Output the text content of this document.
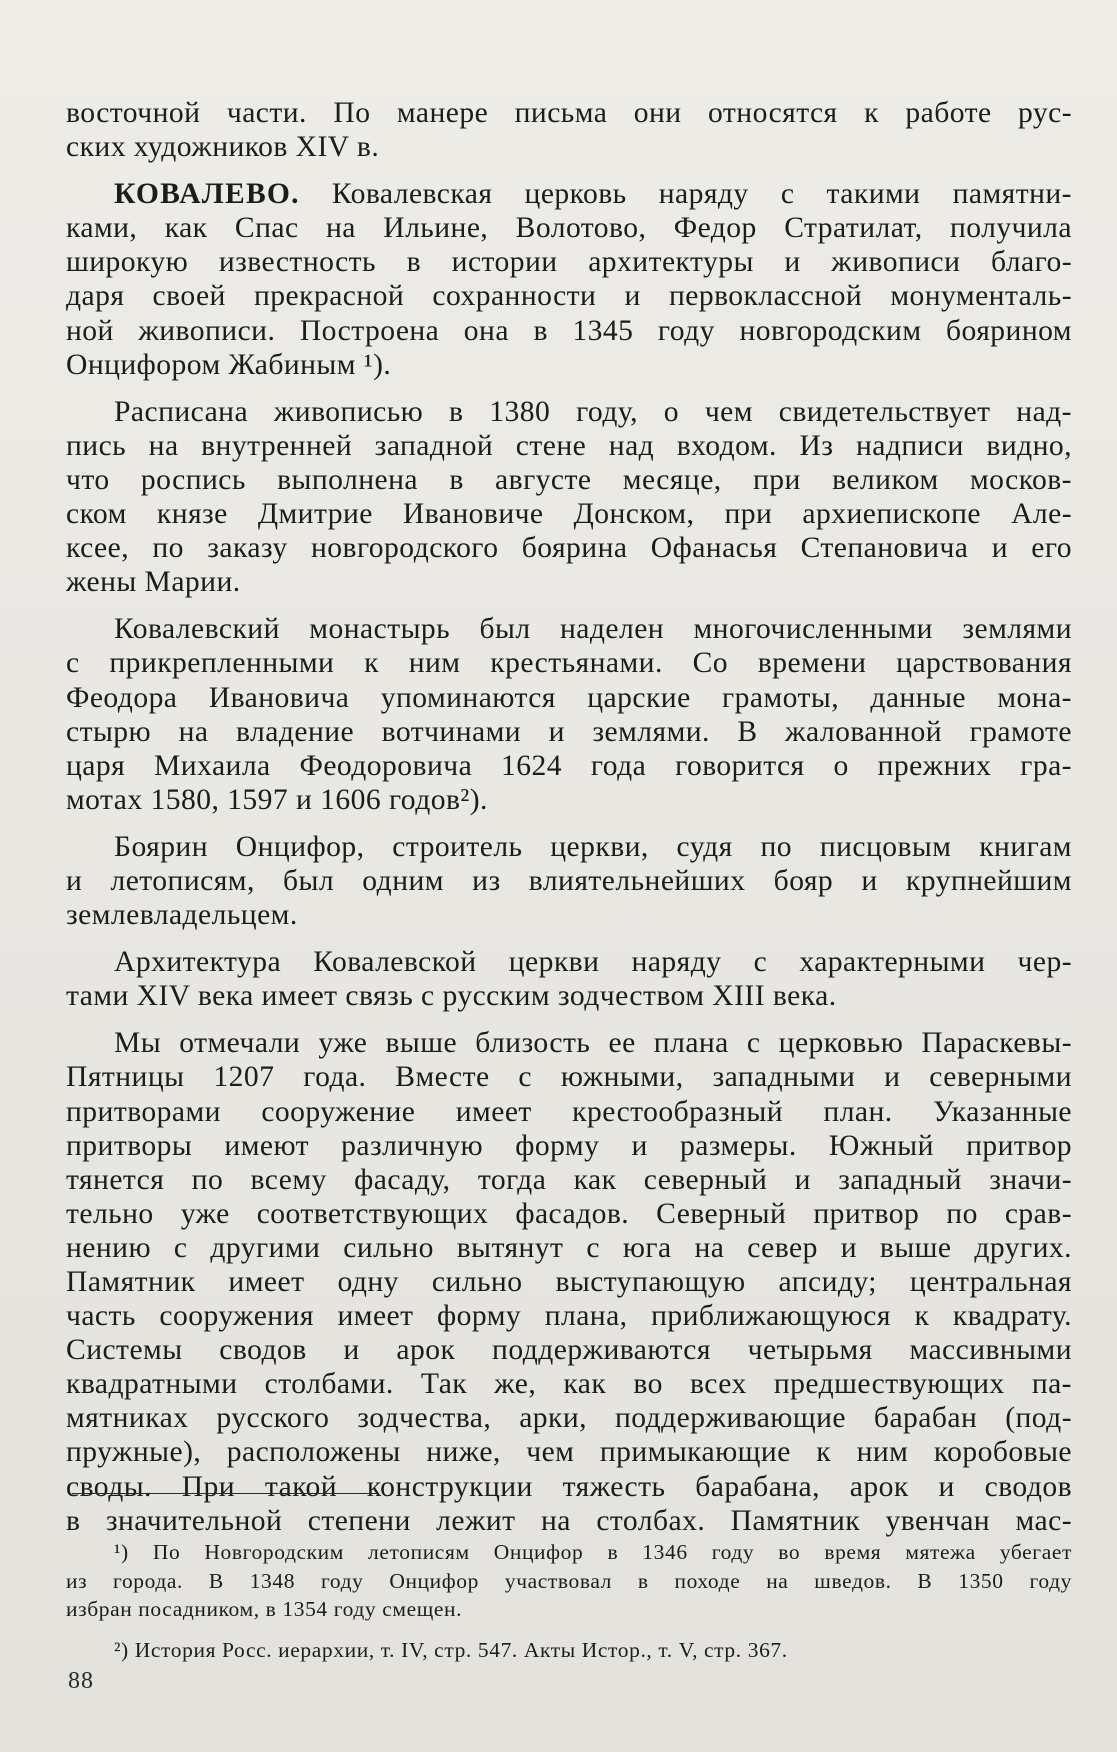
восточной части. По манере письма они относятся к работе рус-
ских художников XIV в.

КОВАЛЕВО. Ковалевская церковь наряду с такими памятни-
ками, как Спас на Ильине, Волотово, Федор Стратилат, получила
широкую известность в истории архитектуры и живописи благо-
даря своей прекрасной сохранности и первоклассной монументаль-
ной живописи. Построена она в 1345 году новгородским боярином
Онцифором Жабиным ¹).

Расписана живописью в 1380 году, о чем свидетельствует над-
пись на внутренней западной стене над входом. Из надписи видно,
что роспись выполнена в августе месяце, при великом москов-
ском князе Дмитрие Ивановиче Донском, при архиепископе Але-
ксее, по заказу новгородского боярина Офанасья Степановича и его
жены Марии.

Ковалевский монастырь был наделен многочисленными землями
с прикрепленными к ним крестьянами. Со времени царствования
Феодора Ивановича упоминаются царские грамоты, данные мона-
стырю на владение вотчинами и землями. В жалованной грамоте
царя Михаила Феодоровича 1624 года говорится о прежних гра-
мотах 1580, 1597 и 1606 годов²).

Боярин Онцифор, строитель церкви, судя по писцовым книгам
и летописям, был одним из влиятельнейших бояр и крупнейшим
землевладельцем.

Архитектура Ковалевской церкви наряду с характерными чер-
тами XIV века имеет связь с русским зодчеством XIII века.

Мы отмечали уже выше близость ее плана с церковью Параскевы-
Пятницы 1207 года. Вместе с южными, западными и северными
притворами сооружение имеет крестообразный план. Указанные
притворы имеют различную форму и размеры. Южный притвор
тянется по всему фасаду, тогда как северный и западный значи-
тельно уже соответствующих фасадов. Северный притвор по срав-
нению с другими сильно вытянут с юга на север и выше других.
Памятник имеет одну сильно выступающую апсиду; центральная
часть сооружения имеет форму плана, приближающуюся к квадрату.
Системы сводов и арок поддерживаются четырьмя массивными
квадратными столбами. Так же, как во всех предшествующих па-
мятниках русского зодчества, арки, поддерживающие барабан (под-
пружные), расположены ниже, чем примыкающие к ним коробовые
своды. При такой конструкции тяжесть барабана, арок и сводов
в значительной степени лежит на столбах. Памятник увенчан мас-

¹) По Новгородским летописям Онцифор в 1346 году во время мятежа убегает
из города. В 1348 году Онцифор участвовал в походе на шведов. В 1350 году
избран посадником, в 1354 году смещен.

²) История Росс. иерархии, т. IV, стр. 547. Акты Истор., т. V, стр. 367.

88
